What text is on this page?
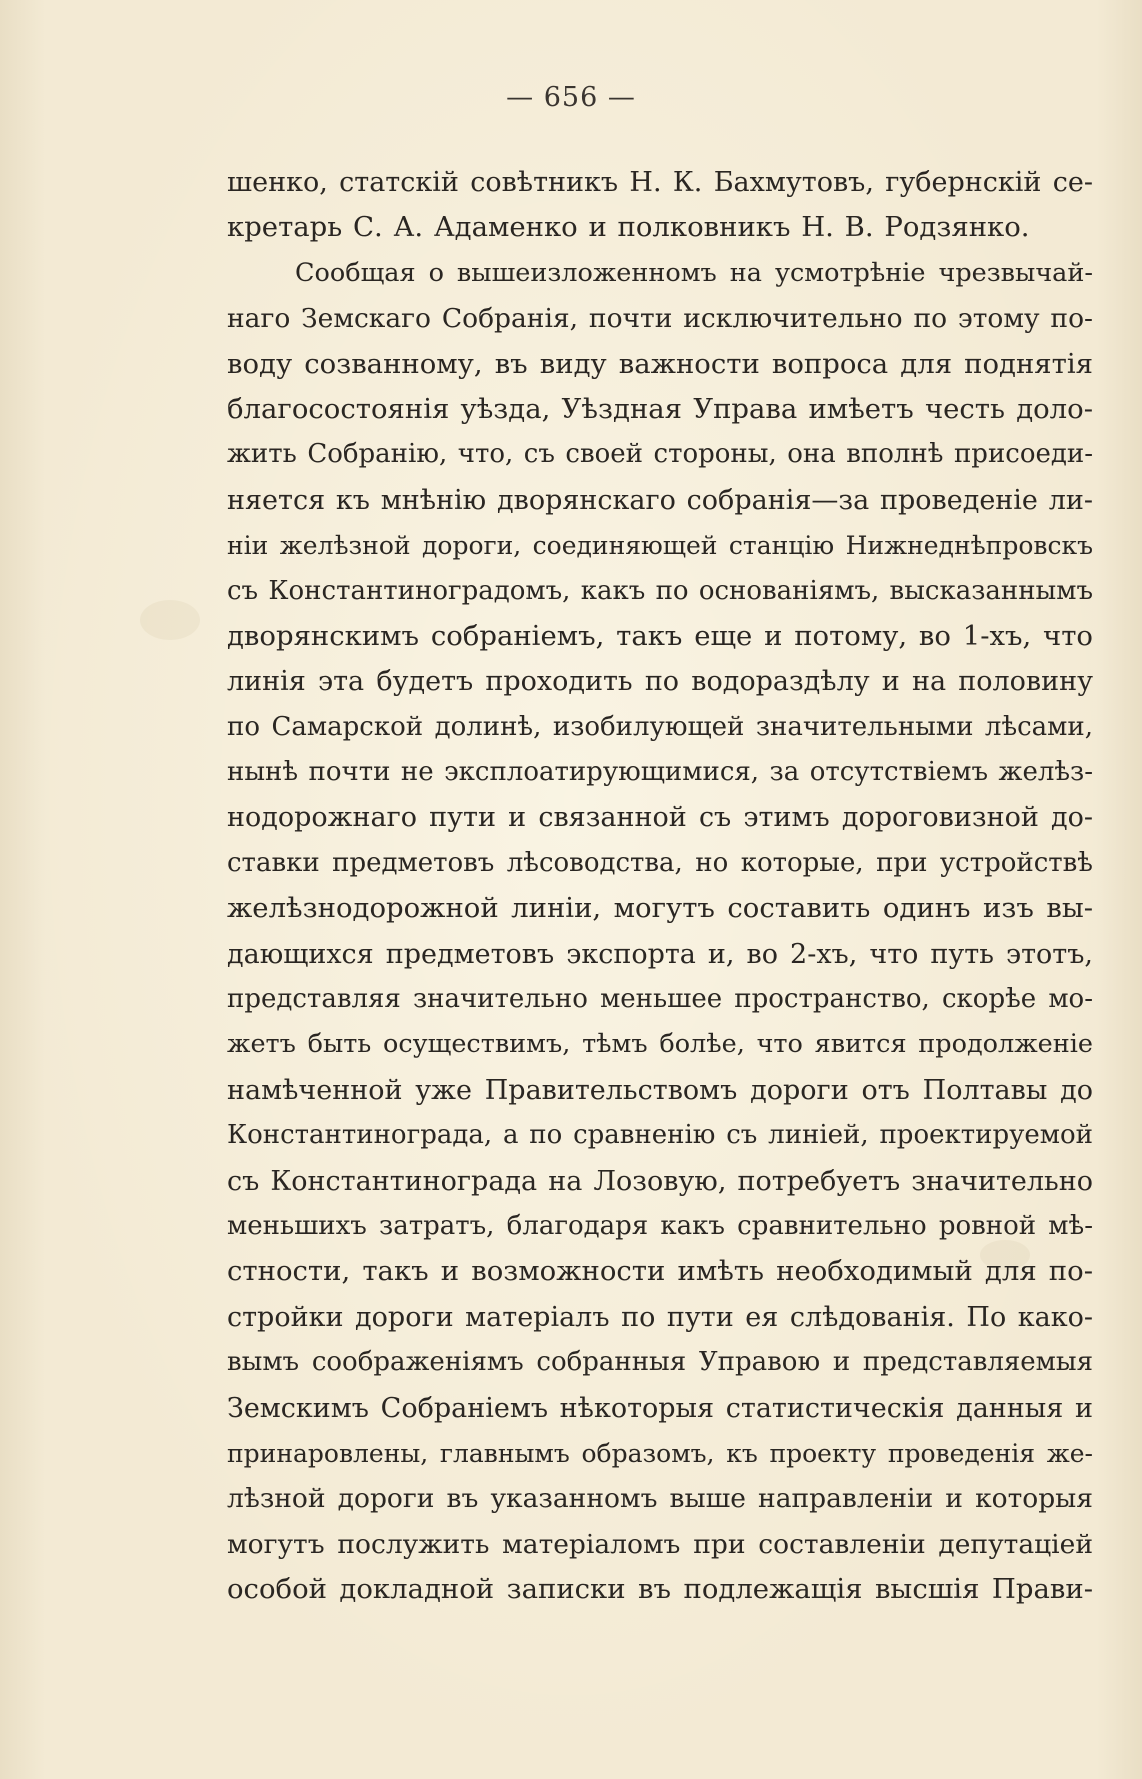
— 656 —
шенко, статскій совѣтникъ Н. К. Бахмутовъ, губернскій се-
кретарь С. А. Адаменко и полковникъ Н. В. Родзянко.
Сообщая о вышеизложенномъ на усмотрѣніе чрезвычай-
наго Земскаго Собранія, почти исключительно по этому по-
воду созванному, въ виду важности вопроса для поднятія
благосостоянія уѣзда, Уѣздная Управа имѣетъ честь доло-
жить Собранію, что, съ своей стороны, она вполнѣ присоеди-
няется къ мнѣнію дворянскаго собранія—за проведеніе ли-
ніи желѣзной дороги, соединяющей станцію Нижнеднѣпровскъ
съ Константиноградомъ, какъ по основаніямъ, высказаннымъ
дворянскимъ собраніемъ, такъ еще и потому, во 1-хъ, что
линія эта будетъ проходить по водораздѣлу и на половину
по Самарской долинѣ, изобилующей значительными лѣсами,
нынѣ почти не эксплоатирующимися, за отсутствіемъ желѣз-
нодорожнаго пути и связанной съ этимъ дороговизной до-
ставки предметовъ лѣсоводства, но которые, при устройствѣ
желѣзнодорожной линіи, могутъ составить одинъ изъ вы-
дающихся предметовъ экспорта и, во 2-хъ, что путь этотъ,
представляя значительно меньшее пространство, скорѣе мо-
жетъ быть осуществимъ, тѣмъ болѣе, что явится продолженіе
намѣченной уже Правительствомъ дороги отъ Полтавы до
Константинограда, а по сравненію съ линіей, проектируемой
съ Константинограда на Лозовую, потребуетъ значительно
меньшихъ затратъ, благодаря какъ сравнительно ровной мѣ-
стности, такъ и возможности имѣть необходимый для по-
стройки дороги матеріалъ по пути ея слѣдованія. По како-
вымъ соображеніямъ собранныя Управою и представляемыя
Земскимъ Собраніемъ нѣкоторыя статистическія данныя и
принаровлены, главнымъ образомъ, къ проекту проведенія же-
лѣзной дороги въ указанномъ выше направленіи и которыя
могутъ послужить матеріаломъ при составленіи депутаціей
особой докладной записки въ подлежащія высшія Прави-
